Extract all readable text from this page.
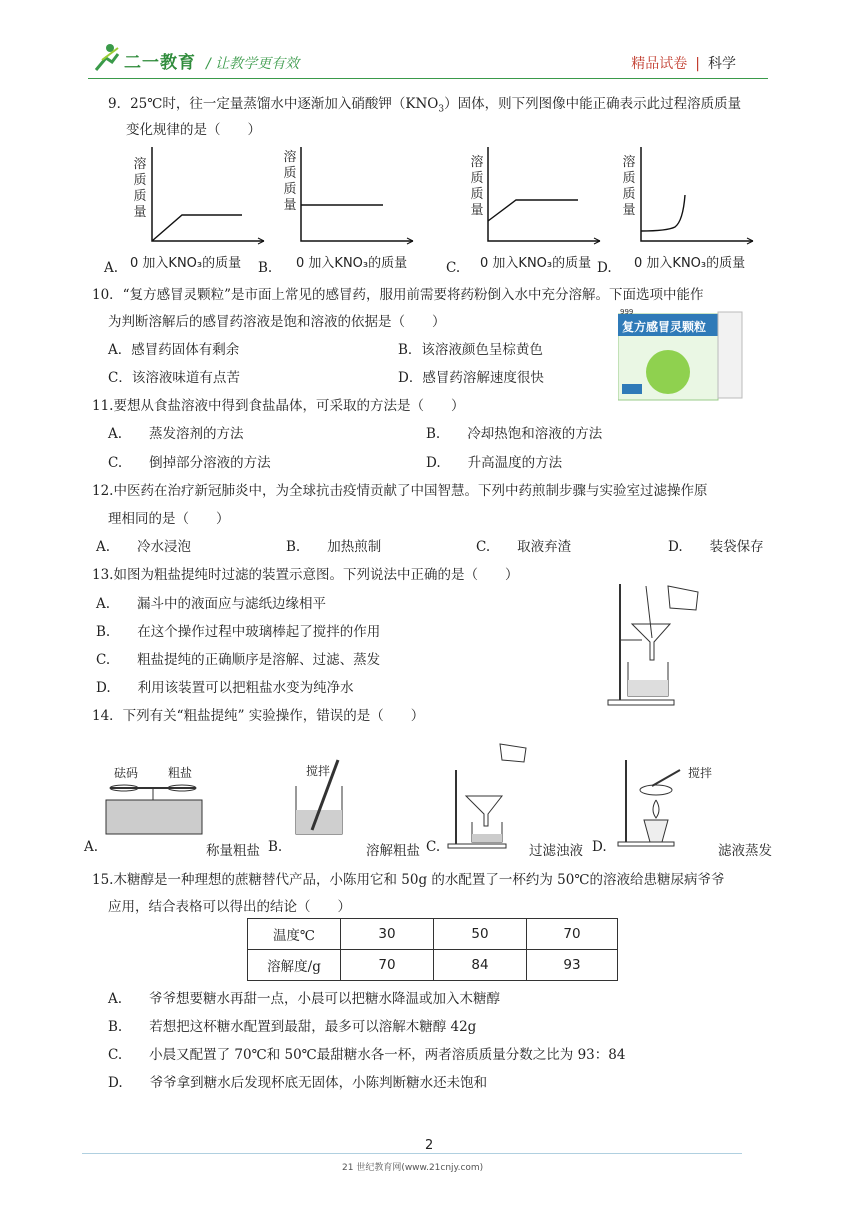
二一教育 / 让教学更有效	精品试卷 | 科学
9．25℃时，往一定量蒸馏水中逐渐加入硝酸钾$(KNO_3)$固体，则下列图像中能正确表示此过程溶质质量
变化规律的是（　　）
溶
质
质
量
A. 0 加入KNO₃的质量
溶
质
质
量
B. 0 加入KNO₃的质量
溶
质
质
量
C. 0 加入KNO₃的质量
溶
质
质
量
D. 0 加入KNO₃的质量
10．“复方感冒灵颗粒”是市面上常见的感冒药，服用前需要将药粉倒入水中充分溶解。下面选项中能作
为判断溶解后的感冒药溶液是饱和溶液的依据是（　　）
A．感冒药固体有剩余	B．该溶液颜色呈棕黄色
C．该溶液味道有点苦	D．感冒药溶解速度很快
复方感冒灵颗粒
999
11.要想从食盐溶液中得到食盐晶体，可采取的方法是（　　）
A.　　蒸发溶剂的方法	B.　　冷却热饱和溶液的方法
C.　　倒掉部分溶液的方法	D.　　升高温度的方法
12.中医药在治疗新冠肺炎中，为全球抗击疫情贡献了中国智慧。下列中药煎制步骤与实验室过滤操作原
理相同的是（　　）
A.　　冷水浸泡	B.　　加热煎制	C.　　取液弃渣	D.　　装袋保存
13.如图为粗盐提纯时过滤的装置示意图。下列说法中正确的是（　　）
A.　　漏斗中的液面应与滤纸边缘相平
B.　　在这个操作过程中玻璃棒起了搅拌的作用
C.　　粗盐提纯的正确顺序是溶解、过滤、蒸发
D.　　利用该装置可以把粗盐水变为纯净水
14．下列有关“粗盐提纯” 实验操作，错误的是（　　）
砝码 粗盐
A.	称量粗盐 B.
搅拌
溶解粗盐 C.	过滤浊液 D.
搅拌
滤液蒸发
15.木糖醇是一种理想的蔗糖替代产品，小陈用它和 50g 的水配置了一杯约为 50℃的溶液给患糖尿病爷爷
应用，结合表格可以得出的结论（　　）
温度℃	30	50	70
溶解度/g	70	84	93
A.　　爷爷想要糖水再甜一点，小晨可以把糖水降温或加入木糖醇
B.　　若想把这杯糖水配置到最甜，最多可以溶解木糖醇 42g
C.　　小晨又配置了 70℃和 50℃最甜糖水各一杯，两者溶质质量分数之比为 93：84
D.　　爷爷拿到糖水后发现杯底无固体，小陈判断糖水还未饱和
2
21 世纪教育网(www.21cnjy.com)
